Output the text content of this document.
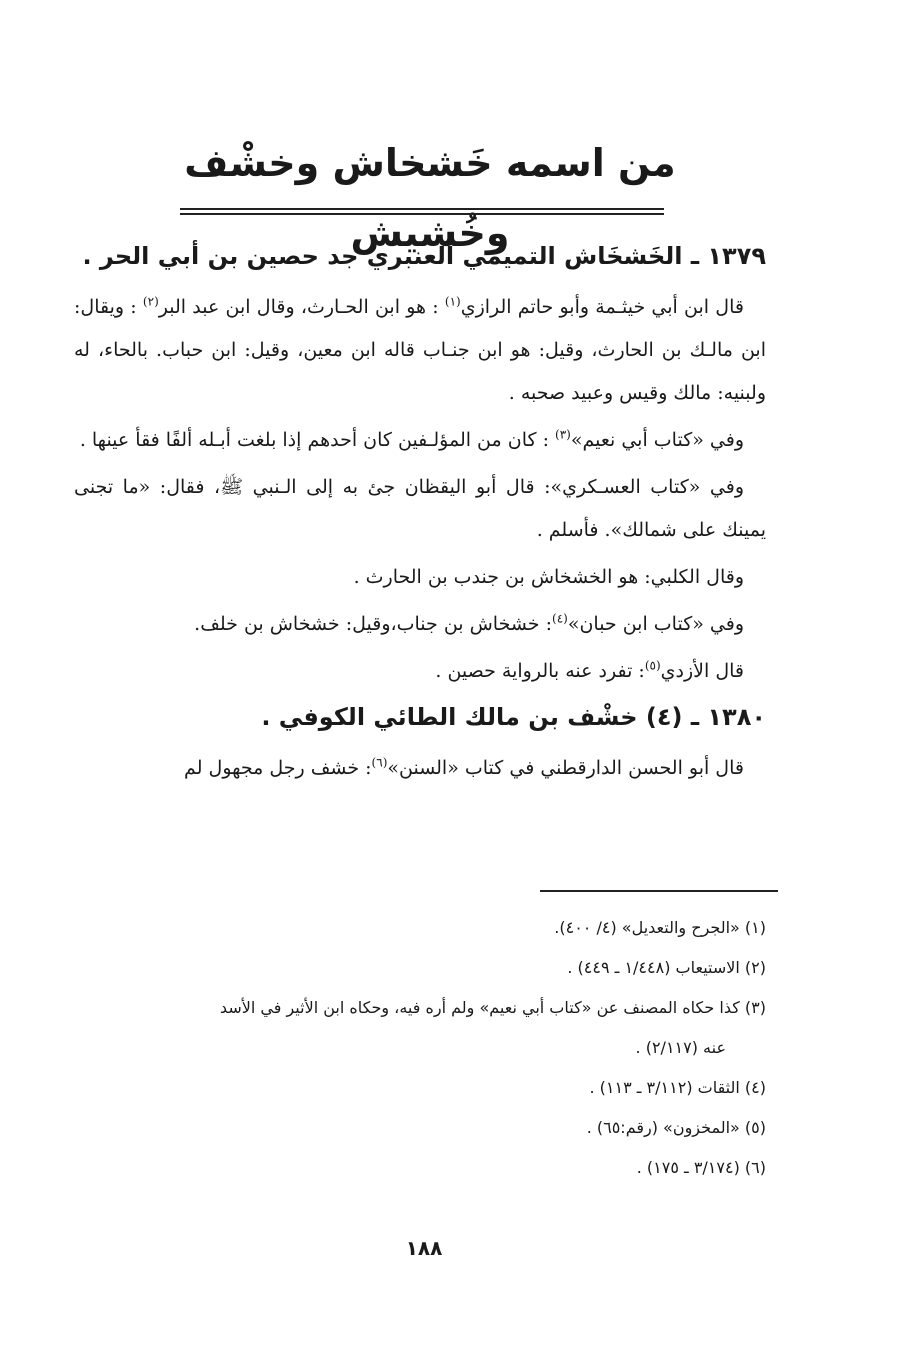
من اسمه خَشخاش وخشْف وخُشيش
١٣٧٩ ـ الخَشخَاش التميمي العنبري جد حصين بن أبي الحر .

قال ابن أبي خيثـمة وأبو حاتم الرازي$^{(١)}$ : هو ابن الحـارث، وقال ابن عبد البر$^{(٢)}$ : ويقال: ابن مالـك بن الحارث، وقيل: هو ابن جنـاب قاله ابن معين، وقيل: ابن حباب. بالحاء، له ولبنيه: مالك وقيس وعبيد صحبه .

وفي «كتاب أبي نعيم»$^{(٣)}$ : كان من المؤلـفين كان أحدهم إذا بلغت أبـله ألفًا فقأ عينها .

وفي «كتاب العسـكري»: قال أبو اليقظان جئ به إلى الـنبي ﷺ، فقال: «ما تجنى يمينك على شمالك». فأسلم .

وقال الكلبي: هو الخشخاش بن جندب بن الحارث .

وفي «كتاب ابن حبان»$^{(٤)}$: خشخاش بن جناب،وقيل: خشخاش بن خلف.

قال الأزدي$^{(٥)}$: تفرد عنه بالرواية حصين .

١٣٨٠ ـ (٤) خشْف بن مالك الطائي الكوفي .

قال أبو الحسن الدارقطني في كتاب «السنن»$^{(٦)}$: خشف رجل مجهول لم

(١) «الجرح والتعديل» (٤/ ٤٠٠).

(٢) الاستيعاب (١/٤٤٨ ـ ٤٤٩) .

(٣) كذا حكاه المصنف عن «كتاب أبي نعيم» ولم أره فيه، وحكاه ابن الأثير في الأسد

عنه (٢/١١٧) .

(٤) الثقات (٣/١١٢ ـ ١١٣) .

(٥) «المخزون» (رقم:٦٥) .

(٦) (٣/١٧٤ ـ ١٧٥) .

١٨٨
